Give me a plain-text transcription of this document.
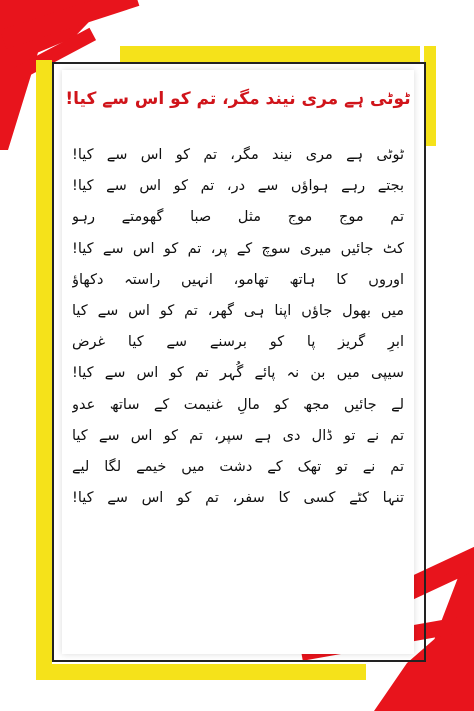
ٹوٹی ہے مری نیند مگر، تم کو اس سے کیا!
ٹوٹی ہے مری نیند مگر، تم کو اس سے کیا!
بجتے رہے ہواؤں سے در، تم کو اس سے کیا!
تم موج موج مثل صبا گھومتے رہو
کٹ جائیں میری سوچ کے پر، تم کو اس سے کیا!
اوروں کا ہاتھ تھامو، انہیں راستہ دکھاؤ
میں بھول جاؤں اپنا ہی گھر، تم کو اس سے کیا
ابرِ گریز پا کو برسنے سے کیا غرض
سیپی میں بن نہ پائے گُہر تم کو اس سے کیا!
لے جائیں مجھ کو مالِ غنیمت کے ساتھ عدو
تم نے تو ڈال دی ہے سپر، تم کو اس سے کیا
تم نے تو تھک کے دشت میں خیمے لگا لیے
تنہا کٹے کسی کا سفر، تم کو اس سے کیا!
